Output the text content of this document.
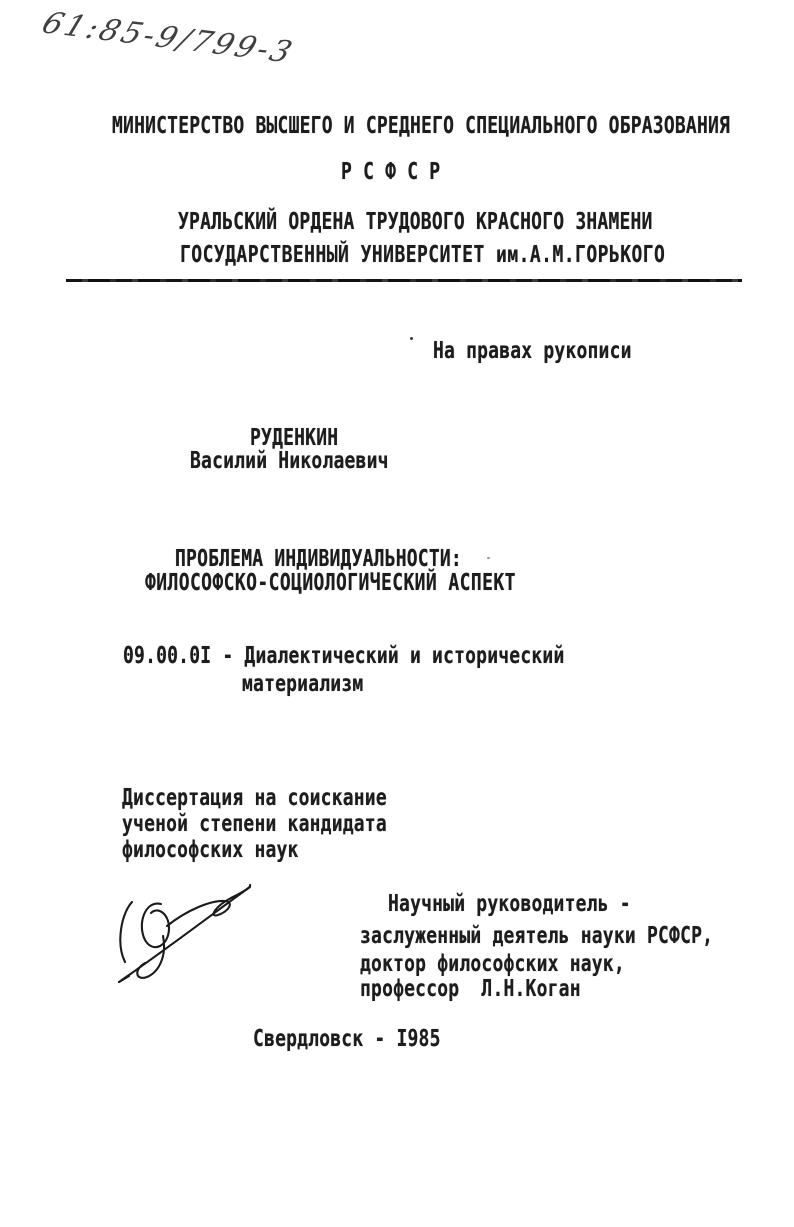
61:85-9/799-3
МИНИСТЕРСТВО ВЫСШЕГО И СРЕДНЕГО СПЕЦИАЛЬНОГО ОБРАЗОВАНИЯ
Р С Ф С Р
УРАЛЬСКИЙ ОРДЕНА ТРУДОВОГО КРАСНОГО ЗНАМЕНИ
ГОСУДАРСТВЕННЫЙ УНИВЕРСИТЕТ им.А.М.ГОРЬКОГО
На правах рукописи
РУДЕНКИН
Василий Николаевич
ПРОБЛЕМА ИНДИВИДУАЛЬНОСТИ:
ФИЛОСОФСКО-СОЦИОЛОГИЧЕСКИЙ АСПЕКТ
09.00.0I - Диалектический и исторический
материализм
Диссертация на соискание
ученой степени кандидата
философских наук
Научный руководитель -
заслуженный деятель науки РСФСР,
доктор философских наук,
профессор  Л.Н.Коган
Свердловск - I985
